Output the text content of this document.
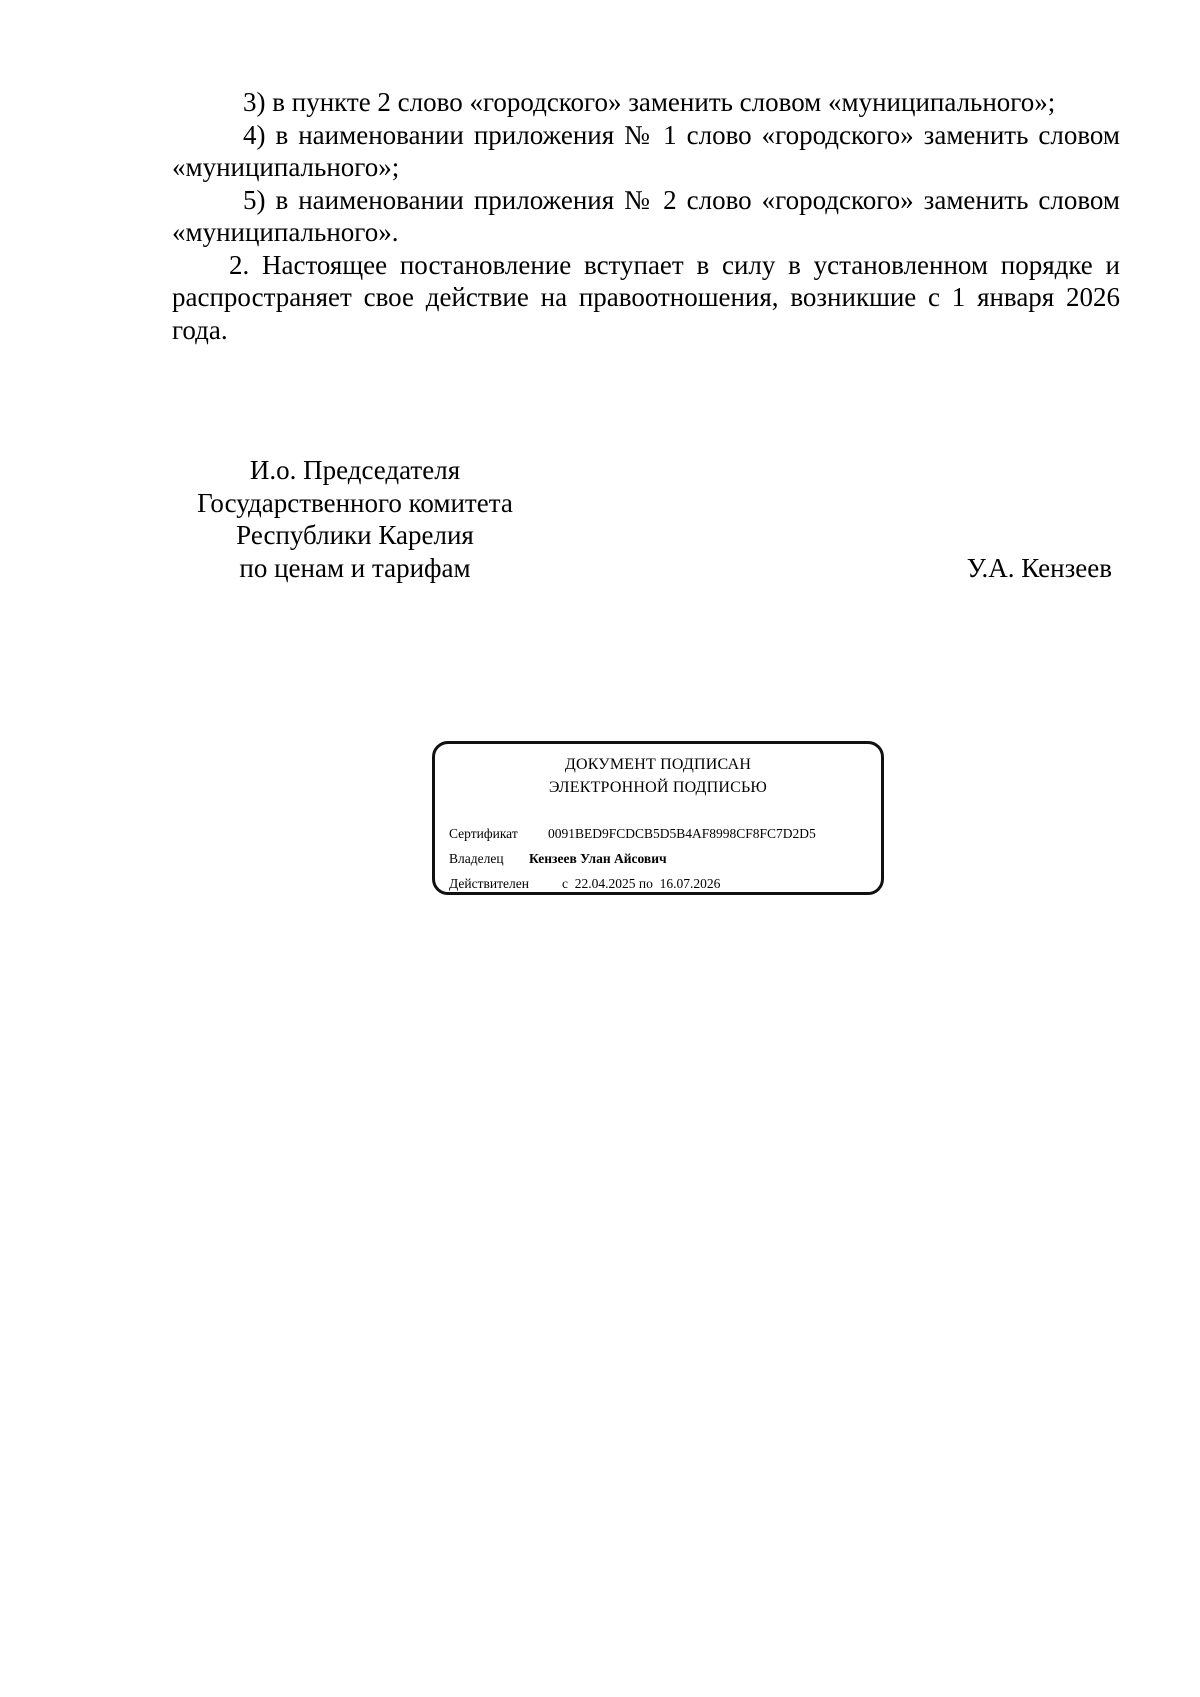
3) в пункте 2 слово «городского» заменить словом «муниципального»;

4) в наименовании приложения № 1 слово «городского» заменить словом «муниципального»;

5) в наименовании приложения № 2 слово «городского» заменить словом «муниципального».

2. Настоящее постановление вступает в силу в установленном порядке и распространяет свое действие на правоотношения, возникшие с 1 января 2026 года.

И.о. Председателя
Государственного комитета
Республики Карелия
по ценам и тарифам	У.А. Кензеев
ДОКУМЕНТ ПОДПИСАН
ЭЛЕКТРОННОЙ ПОДПИСЬЮ
Сертификат 0091BED9FCDCB5D5B4AF8998CF8FC7D2D5
Владелец Кензеев Улан Айсович
Действителен с 22.04.2025 по 16.07.2026
